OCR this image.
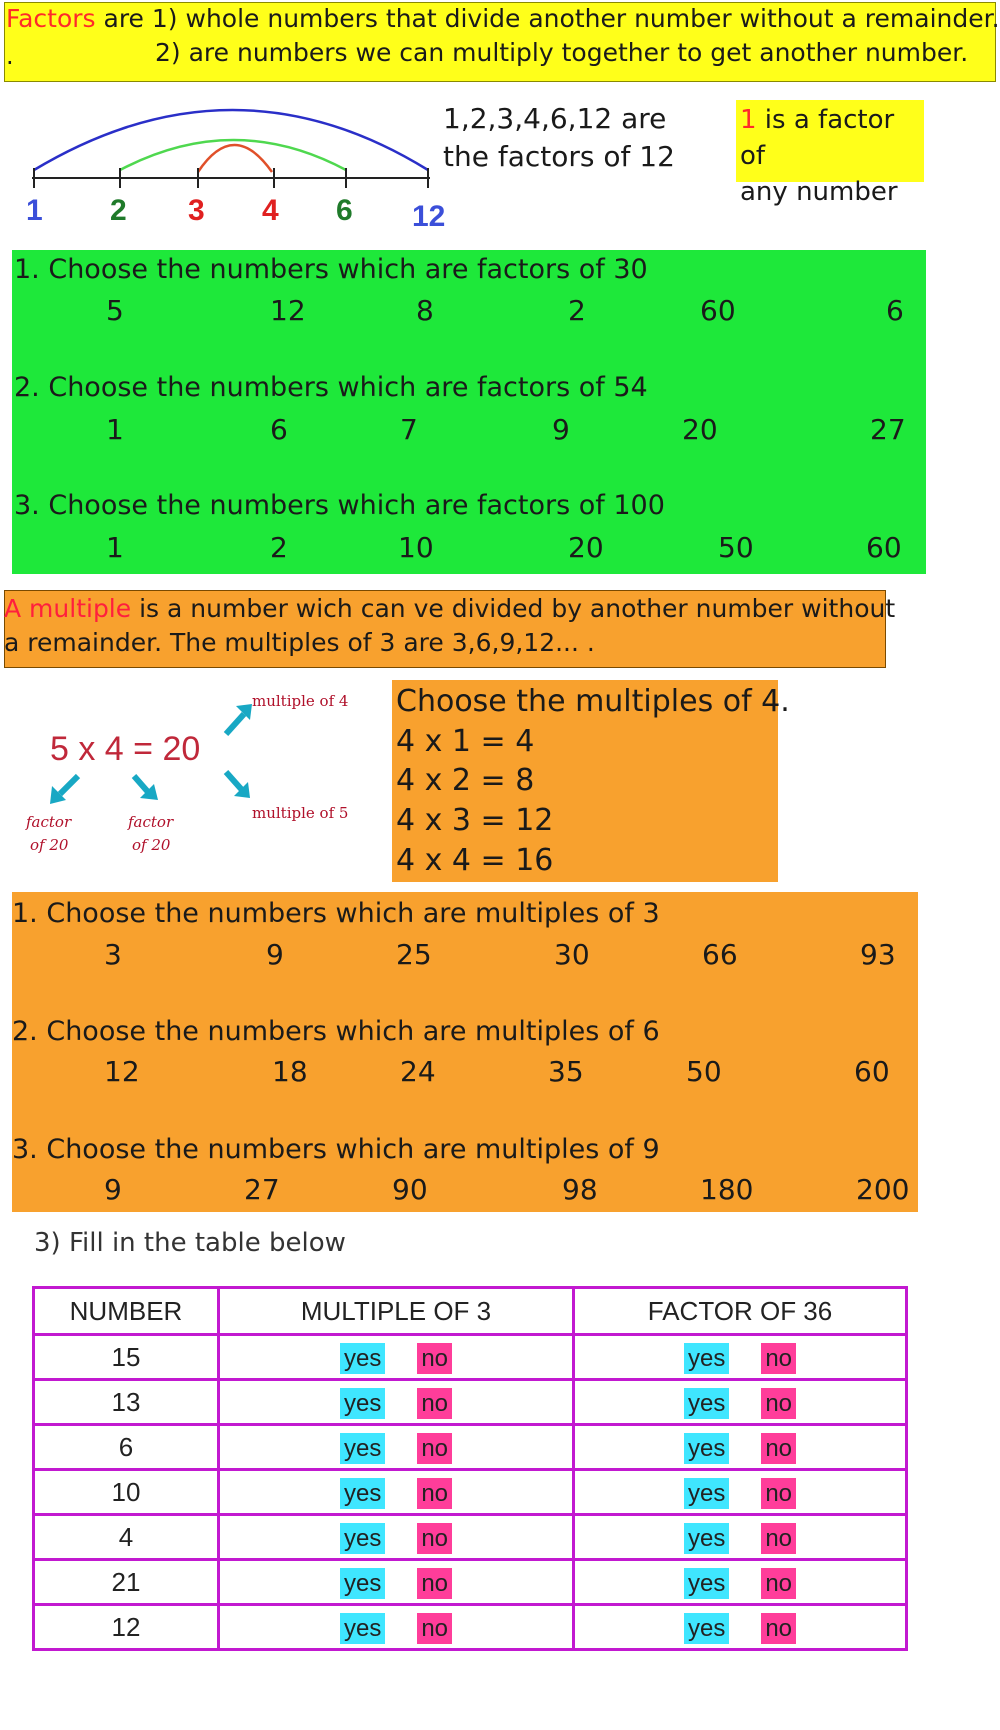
Factors are 1) whole numbers that divide another number without a remainder.
.	2) are numbers we can multiply together to get another number.
1 2 3 4 6 12
1,2,3,4,6,12 are
the factors of 12
1 is a factor of
any number
1. Choose the numbers which are factors of 30
5	12	8	2	60	6
2. Choose the numbers which are factors of 54
1	6	7	9	20	27
3. Choose the numbers which are factors of 100
1	2	10	20	50	60
A multiple is a number wich can ve divided by another number without
a remainder. The multiples of 3 are 3,6,9,12... .
5 x 4 = 20
multiple of 4
multiple of 5
factor
of 20
factor
of 20
Choose the multiples of 4.
4 x 1 = 4
4 x 2 = 8
4 x 3 = 12
4 x 4 = 16
1. Choose the numbers which are multiples of 3
3	9	25	30	66	93
2. Choose the numbers which are multiples of 6
12	18	24	35	50	60
3. Choose the numbers which are multiples of 9
9	27	90	98	180	200
3) Fill in the table below
NUMBER	MULTIPLE OF 3	FACTOR OF 36
15	yes no	yes no
13	yes no	yes no
6	yes no	yes no
10	yes no	yes no
4	yes no	yes no
21	yes no	yes no
12	yes no	yes no
